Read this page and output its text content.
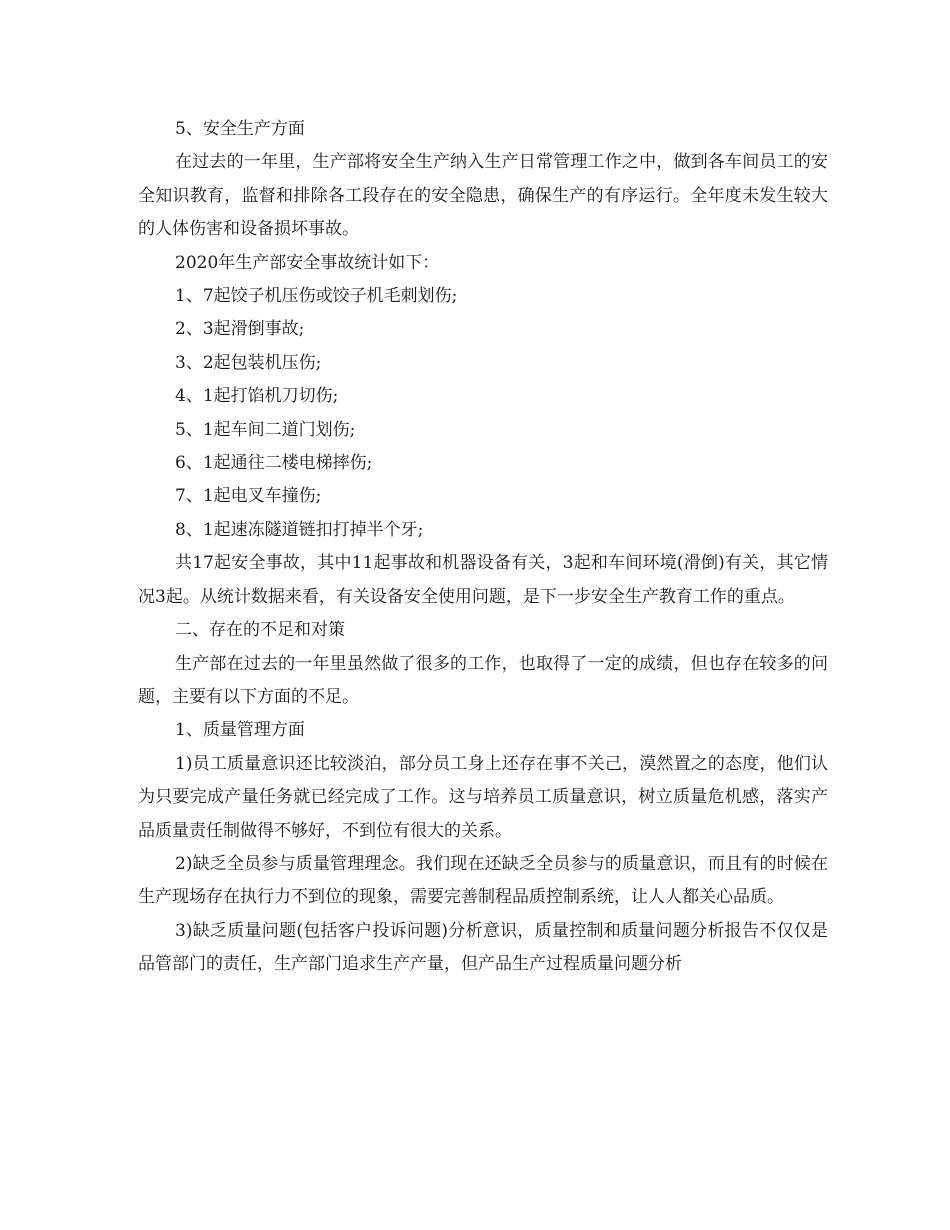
5、安全生产方面

在过去的一年里，生产部将安全生产纳入生产日常管理工作之中，做到各车间员工的安全知识教育，监督和排除各工段存在的安全隐患，确保生产的有序运行。全年度未发生较大的人体伤害和设备损坏事故。

2020年生产部安全事故统计如下：

1、7起饺子机压伤或饺子机毛刺划伤;

2、3起滑倒事故;

3、2起包装机压伤;

4、1起打馅机刀切伤;

5、1起车间二道门划伤;

6、1起通往二楼电梯摔伤;

7、1起电叉车撞伤;

8、1起速冻隧道链扣打掉半个牙;

共17起安全事故，其中11起事故和机器设备有关，3起和车间环境(滑倒)有关，其它情况3起。从统计数据来看，有关设备安全使用问题，是下一步安全生产教育工作的重点。

二、存在的不足和对策

生产部在过去的一年里虽然做了很多的工作，也取得了一定的成绩，但也存在较多的问题，主要有以下方面的不足。

1、质量管理方面

1)员工质量意识还比较淡泊，部分员工身上还存在事不关己，漠然置之的态度，他们认为只要完成产量任务就已经完成了工作。这与培养员工质量意识，树立质量危机感，落实产品质量责任制做得不够好，不到位有很大的关系。

2)缺乏全员参与质量管理理念。我们现在还缺乏全员参与的质量意识，而且有的时候在生产现场存在执行力不到位的现象，需要完善制程品质控制系统，让人人都关心品质。

3)缺乏质量问题(包括客户投诉问题)分析意识，质量控制和质量问题分析报告不仅仅是品管部门的责任，生产部门追求生产产量，但产品生产过程质量问题分析
